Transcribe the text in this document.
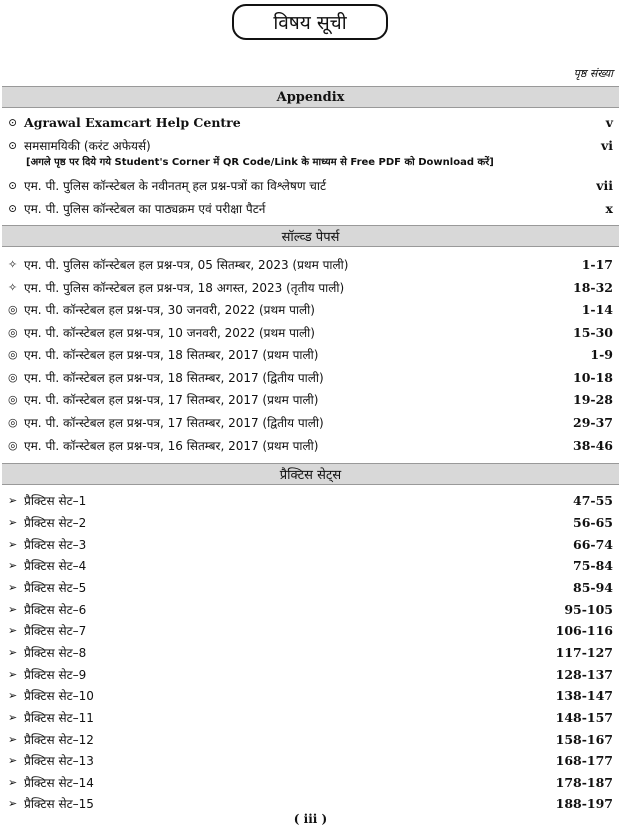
विषय सूची
पृष्ठ संख्या
Appendix
⊙ Agrawal Examcart Help Centre	v
⊙ समसामयिकी (करंट अफेयर्स)	vi
[अगले पृष्ठ पर दिये गये Student's Corner में QR Code/Link के माध्यम से Free PDF को Download करें]
⊙ एम. पी. पुलिस कॉन्स्टेबल के नवीनतम् हल प्रश्न-पत्रों का विश्लेषण चार्ट	vii
⊙ एम. पी. पुलिस कॉन्स्टेबल का पाठ्यक्रम एवं परीक्षा पैटर्न	x
सॉल्व्ड पेपर्स
✧ एम. पी. पुलिस कॉन्स्टेबल हल प्रश्न-पत्र, 05 सितम्बर, 2023 (प्रथम पाली)	1-17
✧ एम. पी. पुलिस कॉन्स्टेबल हल प्रश्न-पत्र, 18 अगस्त, 2023 (तृतीय पाली)	18-32
◎ एम. पी. कॉन्स्टेबल हल प्रश्न-पत्र, 30 जनवरी, 2022 (प्रथम पाली)	1-14
◎ एम. पी. कॉन्स्टेबल हल प्रश्न-पत्र, 10 जनवरी, 2022 (प्रथम पाली)	15-30
◎ एम. पी. कॉन्स्टेबल हल प्रश्न-पत्र, 18 सितम्बर, 2017 (प्रथम पाली)	1-9
◎ एम. पी. कॉन्स्टेबल हल प्रश्न-पत्र, 18 सितम्बर, 2017 (द्वितीय पाली)	10-18
◎ एम. पी. कॉन्स्टेबल हल प्रश्न-पत्र, 17 सितम्बर, 2017 (प्रथम पाली)	19-28
◎ एम. पी. कॉन्स्टेबल हल प्रश्न-पत्र, 17 सितम्बर, 2017 (द्वितीय पाली)	29-37
◎ एम. पी. कॉन्स्टेबल हल प्रश्न-पत्र, 16 सितम्बर, 2017 (प्रथम पाली)	38-46
प्रैक्टिस सेट्स
➢ प्रैक्टिस सेट–1	47-55
➢ प्रैक्टिस सेट–2	56-65
➢ प्रैक्टिस सेट–3	66-74
➢ प्रैक्टिस सेट–4	75-84
➢ प्रैक्टिस सेट–5	85-94
➢ प्रैक्टिस सेट–6	95-105
➢ प्रैक्टिस सेट–7	106-116
➢ प्रैक्टिस सेट–8	117-127
➢ प्रैक्टिस सेट–9	128-137
➢ प्रैक्टिस सेट–10	138-147
➢ प्रैक्टिस सेट–11	148-157
➢ प्रैक्टिस सेट–12	158-167
➢ प्रैक्टिस सेट–13	168-177
➢ प्रैक्टिस सेट–14	178-187
➢ प्रैक्टिस सेट–15	188-197
( iii )
